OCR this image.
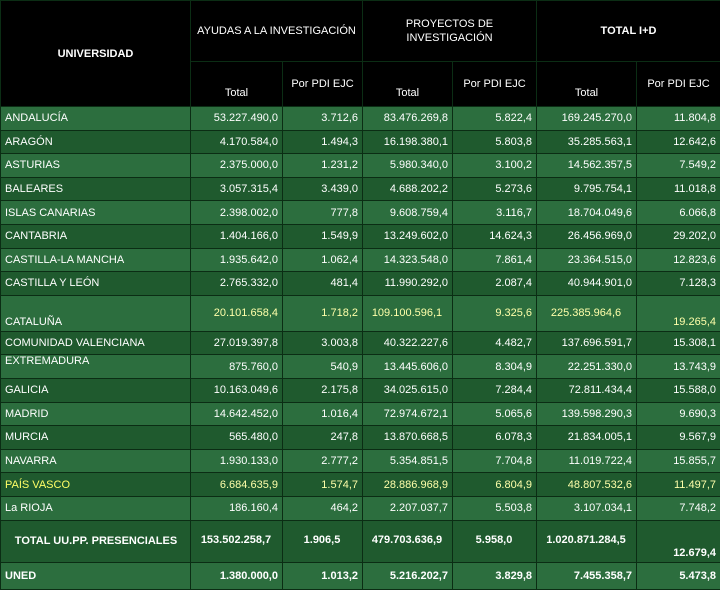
UNIVERSIDAD	AYUDAS A LA INVESTIGACIÓN		PROYECTOS DE INVESTIGACIÓN		TOTAL I+D	
	Total	Por PDI EJC	Total	Por PDI EJC	Total	Por PDI EJC
ANDALUCÍA	53.227.490,0	3.712,6	83.476.269,8	5.822,4	169.245.270,0	11.804,8
ARAGÓN	4.170.584,0	1.494,3	16.198.380,1	5.803,8	35.285.563,1	12.642,6
ASTURIAS	2.375.000,0	1.231,2	5.980.340,0	3.100,2	14.562.357,5	7.549,2
BALEARES	3.057.315,4	3.439,0	4.688.202,2	5.273,6	9.795.754,1	11.018,8
ISLAS CANARIAS	2.398.002,0	777,8	9.608.759,4	3.116,7	18.704.049,6	6.066,8
CANTABRIA	1.404.166,0	1.549,9	13.249.602,0	14.624,3	26.456.969,0	29.202,0
CASTILLA-LA MANCHA	1.935.642,0	1.062,4	14.323.548,0	7.861,4	23.364.515,0	12.823,6
CASTILLA Y LEÓN	2.765.332,0	481,4	11.990.292,0	2.087,4	40.944.901,0	7.128,3
CATALUÑA	20.101.658,4	1.718,2	109.100.596,1	9.325,6	225.385.964,6	19.265,4
COMUNIDAD VALENCIANA	27.019.397,8	3.003,8	40.322.227,6	4.482,7	137.696.591,7	15.308,1
EXTREMADURA	875.760,0	540,9	13.445.606,0	8.304,9	22.251.330,0	13.743,9
GALICIA	10.163.049,6	2.175,8	34.025.615,0	7.284,4	72.811.434,4	15.588,0
MADRID	14.642.452,0	1.016,4	72.974.672,1	5.065,6	139.598.290,3	9.690,3
MURCIA	565.480,0	247,8	13.870.668,5	6.078,3	21.834.005,1	9.567,9
NAVARRA	1.930.133,0	2.777,2	5.354.851,5	7.704,8	11.019.722,4	15.855,7
PAÍS VASCO	6.684.635,9	1.574,7	28.886.968,9	6.804,9	48.807.532,6	11.497,7
La RIOJA	186.160,4	464,2	2.207.037,7	5.503,8	3.107.034,1	7.748,2
TOTAL UU.PP. PRESENCIALES	153.502.258,7	1.906,5	479.703.636,9	5.958,0	1.020.871.284,5	12.679,4
UNED	1.380.000,0	1.013,2	5.216.202,7	3.829,8	7.455.358,7	5.473,8
